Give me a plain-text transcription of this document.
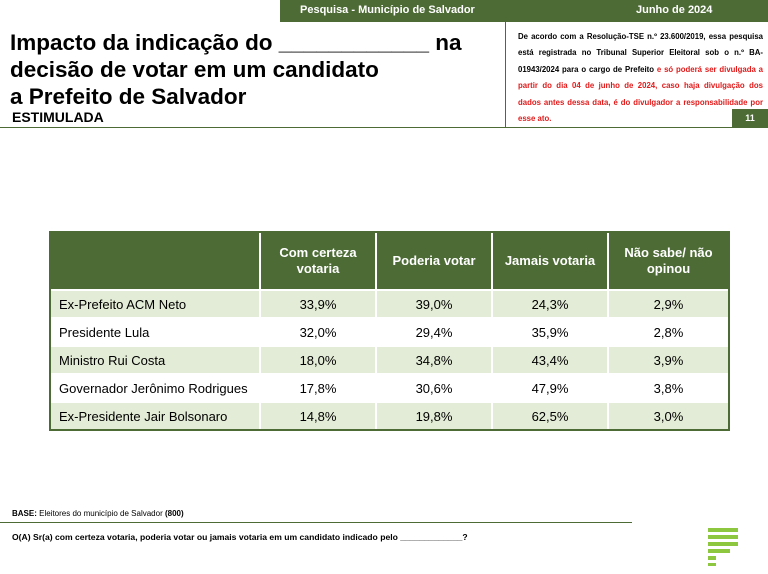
Pesquisa - Município de Salvador	Junho de 2024
Impacto da indicação do ____________ na
decisão de votar em um candidato
a Prefeito de Salvador
ESTIMULADA
De acordo com a Resolução-TSE n.º 23.600/2019, essa pesquisa está registrada no Tribunal Superior Eleitoral sob o n.º BA-01943/2024 para o cargo de Prefeito e só poderá ser divulgada a partir do dia 04 de junho de 2024, caso haja divulgação dos dados antes dessa data, é do divulgador a responsabilidade por esse ato.	11
	Com certeza votaria	Poderia votar	Jamais votaria	Não sabe/ não opinou
Ex-Prefeito ACM Neto	33,9%	39,0%	24,3%	2,9%
Presidente Lula	32,0%	29,4%	35,9%	2,8%
Ministro Rui Costa	18,0%	34,8%	43,4%	3,9%
Governador Jerônimo Rodrigues	17,8%	30,6%	47,9%	3,8%
Ex-Presidente Jair Bolsonaro	14,8%	19,8%	62,5%	3,0%
BASE: Eleitores do município de Salvador (800)
O(A) Sr(a) com certeza votaria, poderia votar ou jamais votaria em um candidato indicado pelo _____________?
